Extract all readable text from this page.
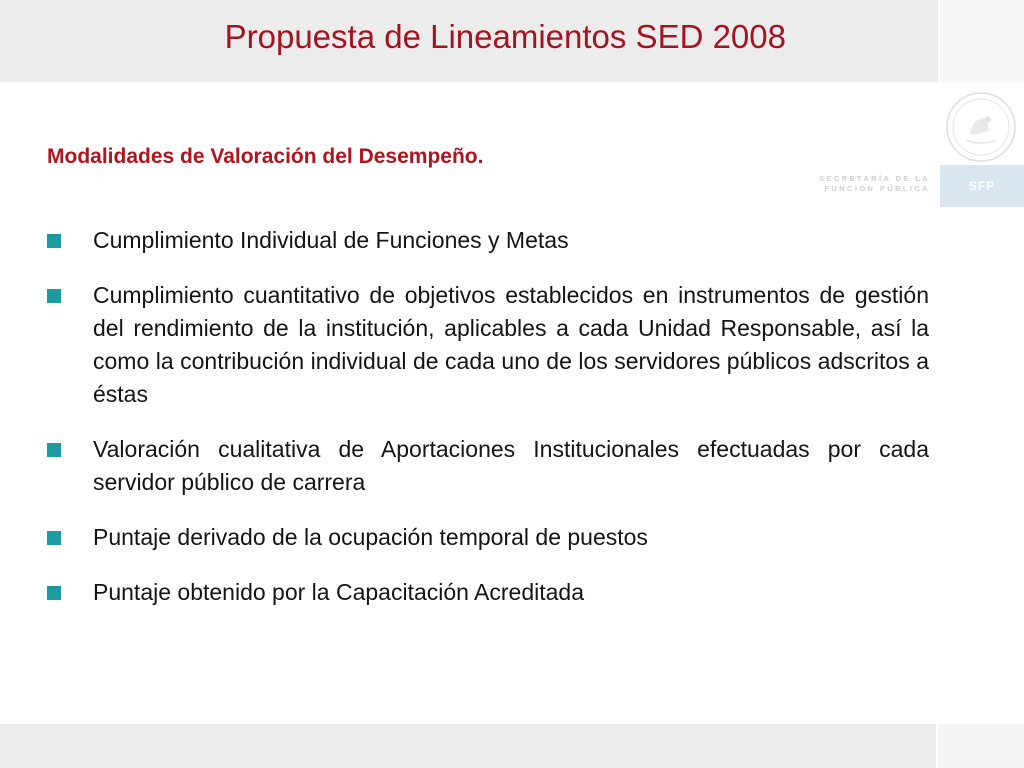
Propuesta de Lineamientos SED 2008
SECRETARÍA DE LA
FUNCIÓN PÚBLICA	SFP
Modalidades de Valoración del Desempeño.
Cumplimiento Individual de Funciones y Metas
Cumplimiento cuantitativo de objetivos establecidos en instrumentos de gestión del rendimiento de la institución, aplicables a cada Unidad Responsable, así la como la contribución individual de cada uno de los servidores públicos adscritos a éstas
Valoración cualitativa de Aportaciones Institucionales efectuadas por cada servidor público de carrera
Puntaje derivado de la ocupación temporal de puestos
Puntaje obtenido por la Capacitación Acreditada
